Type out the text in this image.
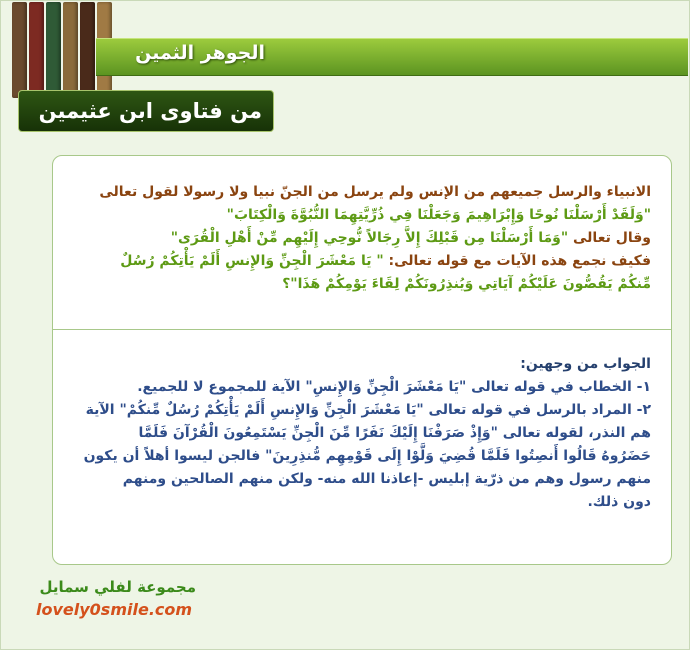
الجوهر الثمين
من فتاوى ابن عثيمين
الانبياء والرسل جميعهم من الإنس ولم يرسل من الجنّ نبيا ولا رسولا لقول تعالى
"وَلَقَدْ أَرْسَلْنَا نُوحًا وَإِبْرَاهِيمَ وَجَعَلْنَا فِي ذُرِّيَّتِهِمَا النُّبُوَّةَ وَالْكِتَابَ"
وقال تعالى "وَمَا أَرْسَلْنَا مِن قَبْلِكَ إِلاَّ رِجَالاً نُّوحِي إِلَيْهِم مِّنْ أَهْلِ الْقُرَى"
فكيف نجمع هذه الآيات مع قوله تعالى: " يَا مَعْشَرَ الْجِنِّ وَالإِنسِ أَلَمْ يَأْتِكُمْ رُسُلٌ
مِّنكُمْ يَقُصُّونَ عَلَيْكُمْ آيَاتِي وَيُنذِرُونَكُمْ لِقَاءَ يَوْمِكُمْ هَذَا"؟
الجواب من وجهين:
١- الخطاب في قوله تعالى "يَا مَعْشَرَ الْجِنِّ وَالإِنسِ" الآية للمجموع لا للجميع.
٢- المراد بالرسل في قوله تعالى "يَا مَعْشَرَ الْجِنِّ وَالإِنسِ أَلَمْ يَأْتِكُمْ رُسُلٌ مِّنكُمْ" الآية
هم النذر، لقوله تعالى "وَإِذْ صَرَفْنَا إِلَيْكَ نَفَرًا مِّنَ الْجِنِّ يَسْتَمِعُونَ الْقُرْآنَ فَلَمَّا
حَضَرُوهُ قَالُوا أَنصِتُوا فَلَمَّا قُضِيَ وَلَّوْا إِلَى قَوْمِهِم مُّنذِرِينَ" فالجن ليسوا أهلاً أن يكون
منهم رسول وهم من ذرّية إبليس -إعاذنا الله منه- ولكن منهم الصالحين ومنهم
دون ذلك.
مجموعة لفلي سمايل
lovely0smile.com
